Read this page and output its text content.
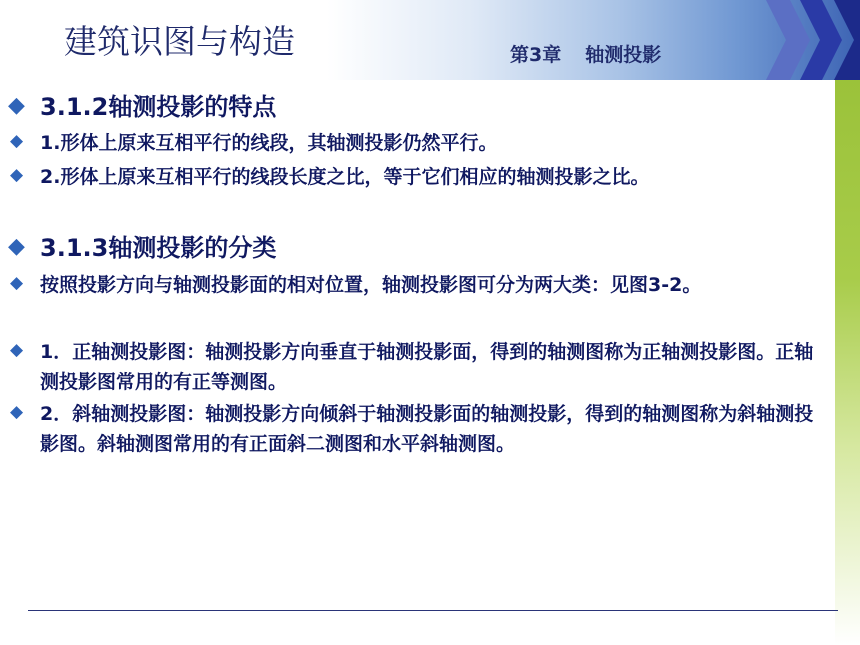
建筑识图与构造	第3章 轴测投影
◆ 3.1.2轴测投影的特点
◆ 1.形体上原来互相平行的线段，其轴测投影仍然平行。
◆ 2.形体上原来互相平行的线段长度之比，等于它们相应的轴测投影之比。
◆ 3.1.3轴测投影的分类
◆ 按照投影方向与轴测投影面的相对位置，轴测投影图可分为两大类：见图3-2。
◆ 1．正轴测投影图：轴测投影方向垂直于轴测投影面，得到的轴测图称为正轴测投影图。正轴测投影图常用的有正等测图。
◆ 2．斜轴测投影图：轴测投影方向倾斜于轴测投影面的轴测投影，得到的轴测图称为斜轴测投影图。斜轴测图常用的有正面斜二测图和水平斜轴测图。
